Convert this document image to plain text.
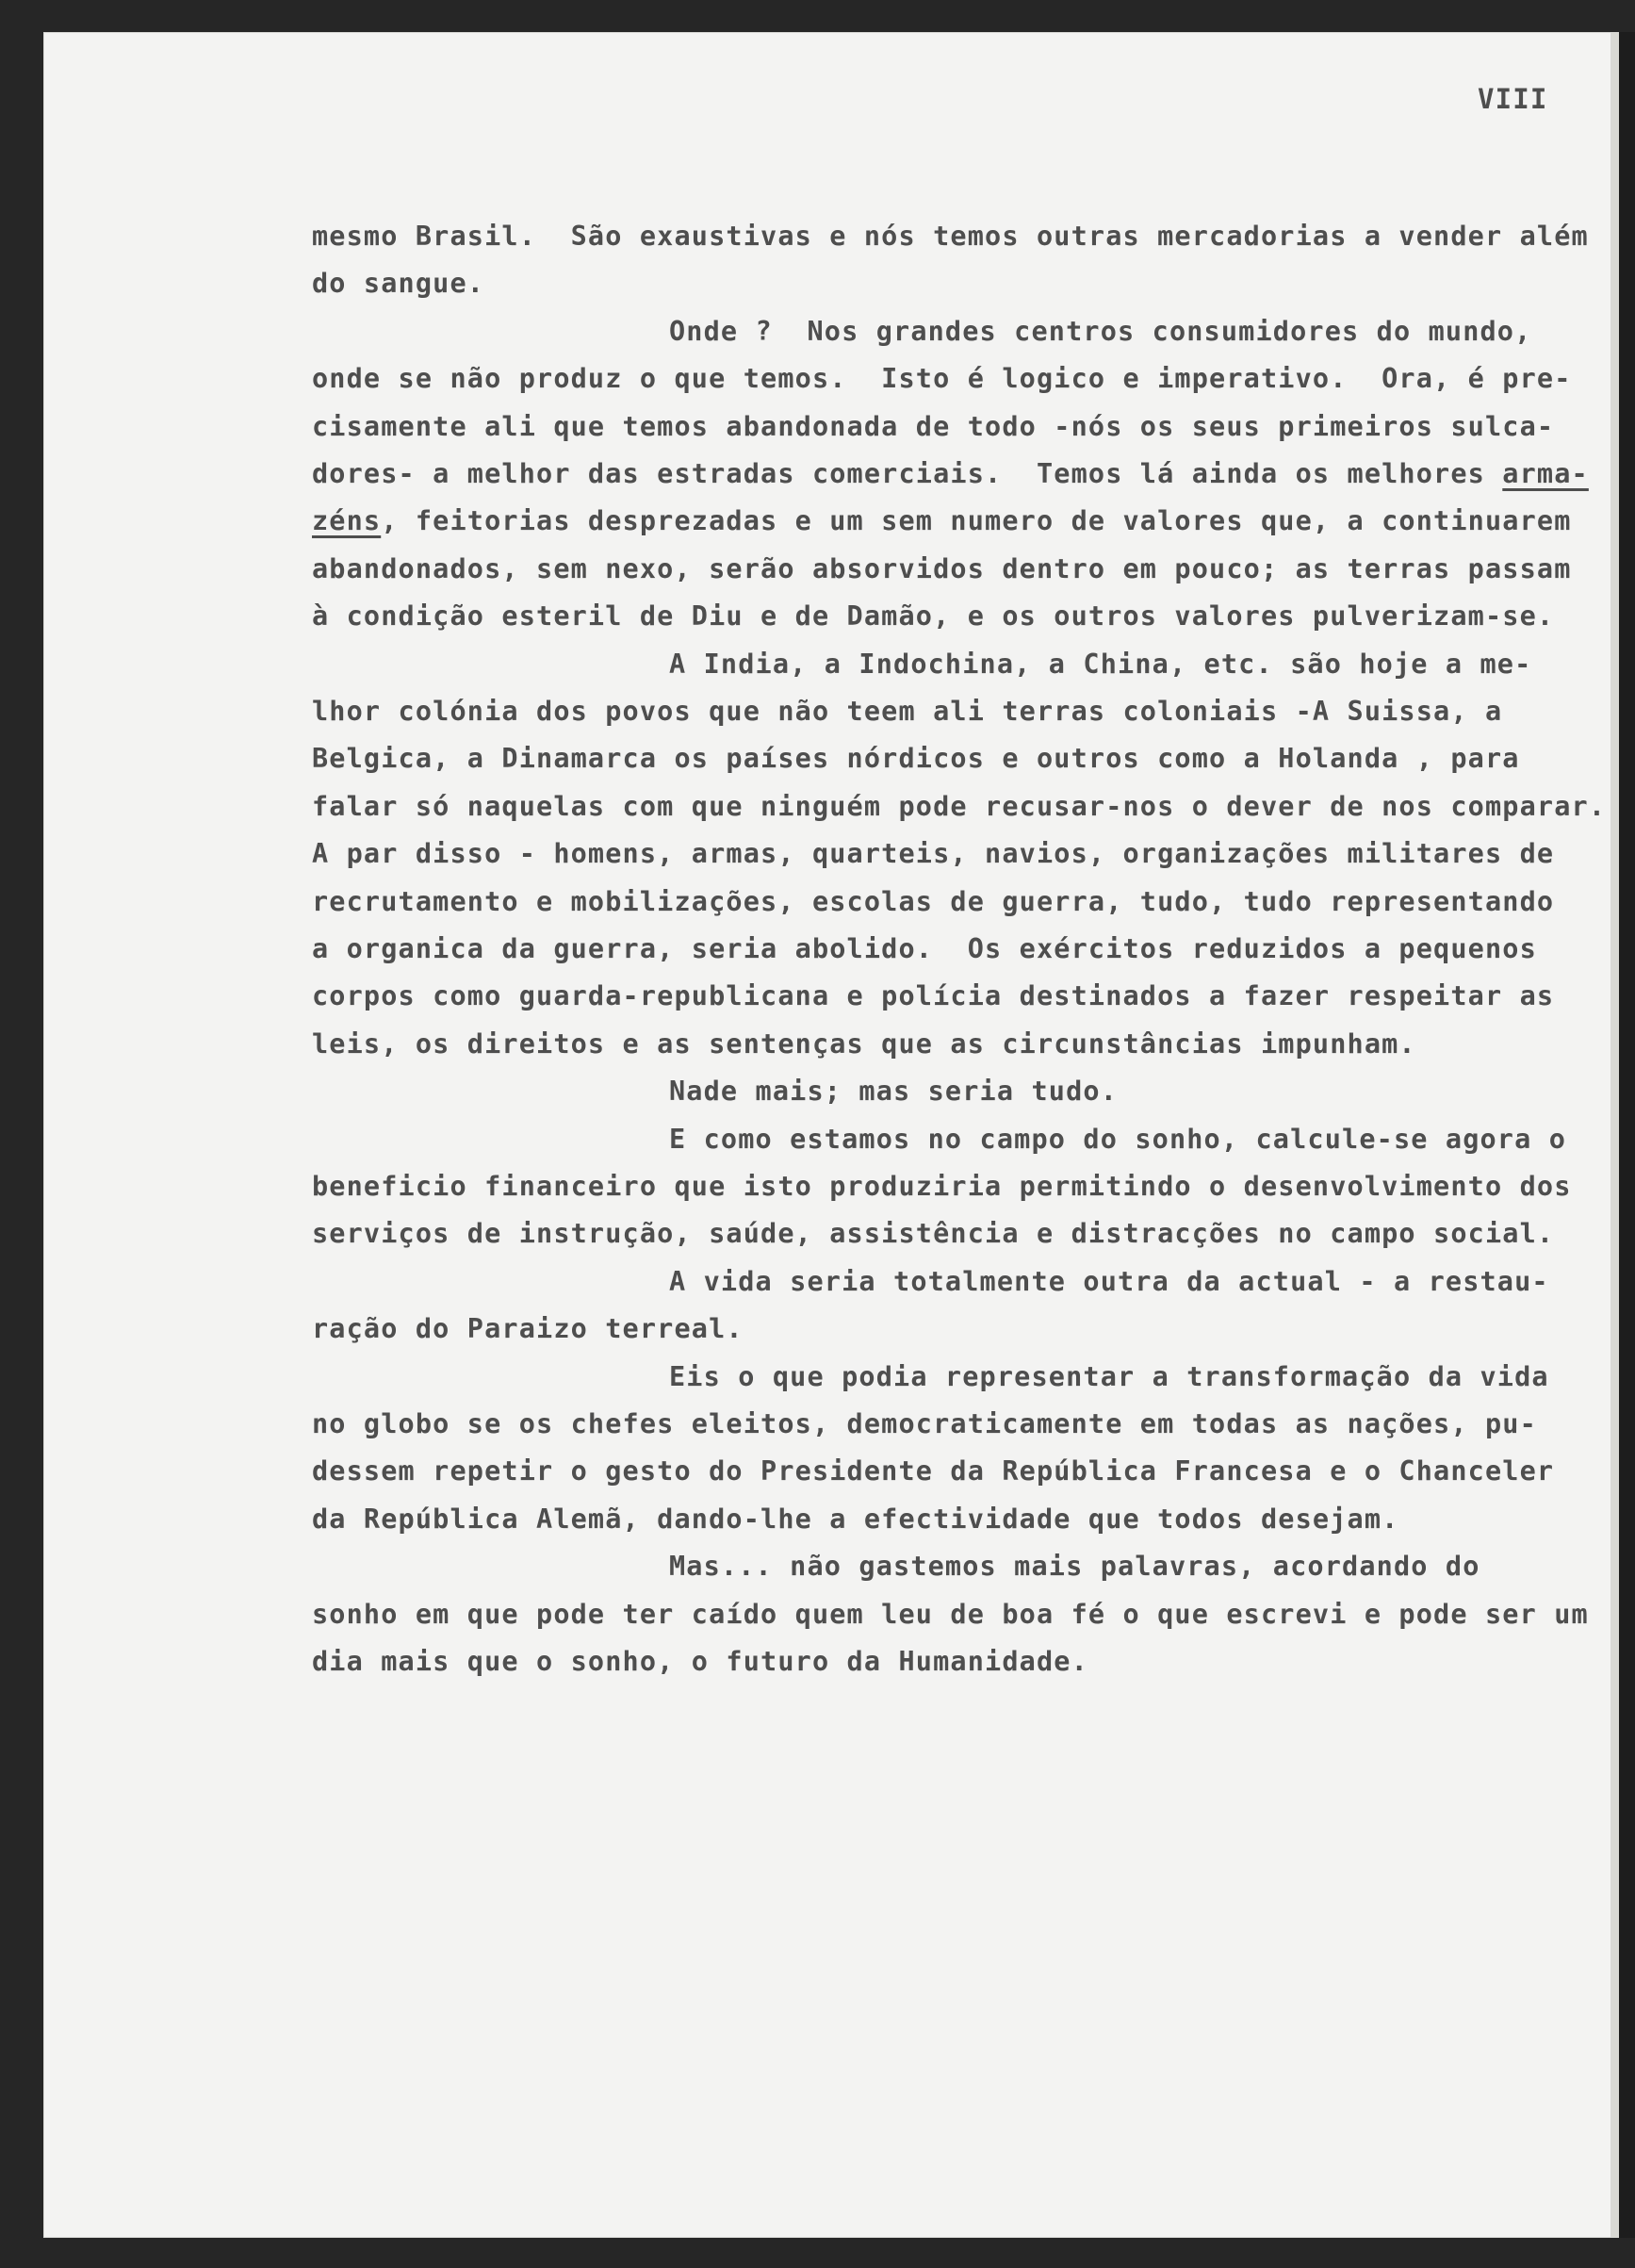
VIII
mesmo Brasil.  São exaustivas e nós temos outras mercadorias a vender além
do sangue.
Onde ?  Nos grandes centros consumidores do mundo,
onde se não produz o que temos.  Isto é logico e imperativo.  Ora, é pre-
cisamente ali que temos abandonada de todo -nós os seus primeiros sulca-
dores- a melhor das estradas comerciais.  Temos lá ainda os melhores arma-
zéns, feitorias desprezadas e um sem numero de valores que, a continuarem
abandonados, sem nexo, serão absorvidos dentro em pouco; as terras passam
à condição esteril de Diu e de Damão, e os outros valores pulverizam-se.
A India, a Indochina, a China, etc. são hoje a me-
lhor colónia dos povos que não teem ali terras coloniais -A Suissa, a
Belgica, a Dinamarca os países nórdicos e outros como a Holanda , para
falar só naquelas com que ninguém pode recusar-nos o dever de nos comparar.
A par disso - homens, armas, quarteis, navios, organizações militares de
recrutamento e mobilizações, escolas de guerra, tudo, tudo representando
a organica da guerra, seria abolido.  Os exércitos reduzidos a pequenos
corpos como guarda-republicana e polícia destinados a fazer respeitar as
leis, os direitos e as sentenças que as circunstâncias impunham.
Nade mais; mas seria tudo.
E como estamos no campo do sonho, calcule-se agora o
beneficio financeiro que isto produziria permitindo o desenvolvimento dos
serviços de instrução, saúde, assistência e distracções no campo social.
A vida seria totalmente outra da actual - a restau-
ração do Paraizo terreal.
Eis o que podia representar a transformação da vida
no globo se os chefes eleitos, democraticamente em todas as nações, pu-
dessem repetir o gesto do Presidente da República Francesa e o Chanceler
da República Alemã, dando-lhe a efectividade que todos desejam.
Mas... não gastemos mais palavras, acordando do
sonho em que pode ter caído quem leu de boa fé o que escrevi e pode ser um
dia mais que o sonho, o futuro da Humanidade.
